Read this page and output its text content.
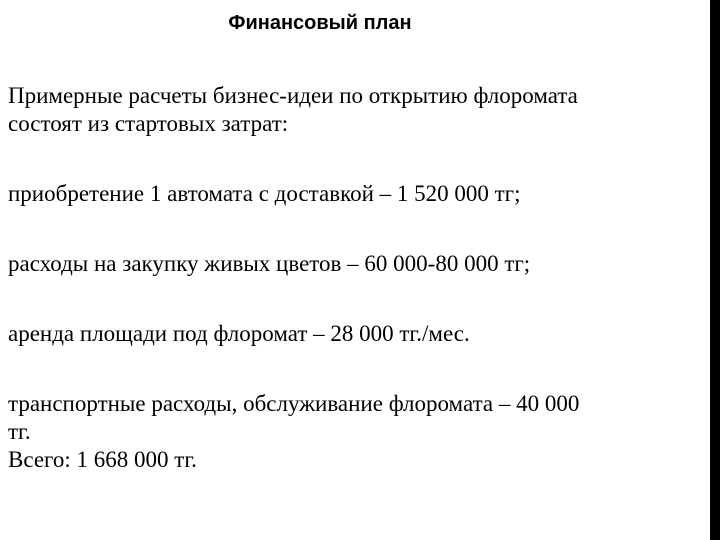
Финансовый план
Примерные расчеты бизнес-идеи по открытию флоромата
состоят из стартовых затрат:
приобретение 1 автомата с доставкой – 1 520 000 тг;
расходы на закупку живых цветов – 60 000-80 000 тг;
аренда площади под флоромат – 28 000 тг./мес.
транспортные расходы, обслуживание флоромата – 40 000
тг.
Всего: 1 668 000 тг.
